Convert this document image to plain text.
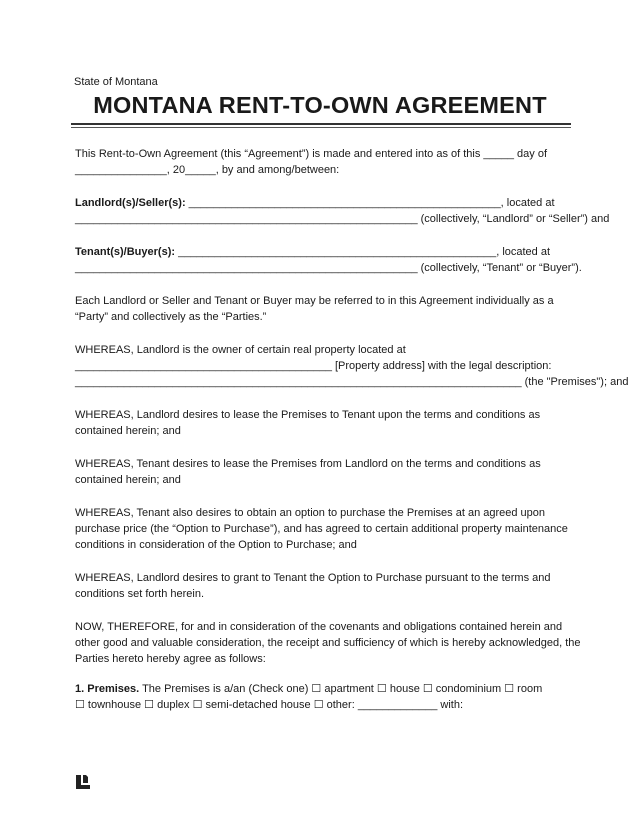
State of Montana
MONTANA RENT-TO-OWN AGREEMENT
This Rent-to-Own Agreement (this “Agreement”) is made and entered into as of this _____ day of
_______________, 20_____, by and among/between:
Landlord(s)/Seller(s): ___________________________________________________, located at
________________________________________________________ (collectively, “Landlord” or “Seller”) and
Tenant(s)/Buyer(s): ____________________________________________________, located at
________________________________________________________ (collectively, “Tenant” or “Buyer”).
Each Landlord or Seller and Tenant or Buyer may be referred to in this Agreement individually as a
“Party” and collectively as the “Parties.”
WHEREAS, Landlord is the owner of certain real property located at
__________________________________________ [Property address] with the legal description:
_________________________________________________________________________ (the "Premises"); and
WHEREAS, Landlord desires to lease the Premises to Tenant upon the terms and conditions as
contained herein; and
WHEREAS, Tenant desires to lease the Premises from Landlord on the terms and conditions as
contained herein; and
WHEREAS, Tenant also desires to obtain an option to purchase the Premises at an agreed upon
purchase price (the “Option to Purchase”), and has agreed to certain additional property maintenance
conditions in consideration of the Option to Purchase; and
WHEREAS, Landlord desires to grant to Tenant the Option to Purchase pursuant to the terms and
conditions set forth herein.
NOW, THEREFORE, for and in consideration of the covenants and obligations contained herein and
other good and valuable consideration, the receipt and sufficiency of which is hereby acknowledged, the
Parties hereto hereby agree as follows:
1. Premises. The Premises is a/an (Check one) ☐ apartment ☐ house ☐ condominium ☐ room
☐ townhouse ☐ duplex ☐ semi-detached house ☐ other: _____________ with:
